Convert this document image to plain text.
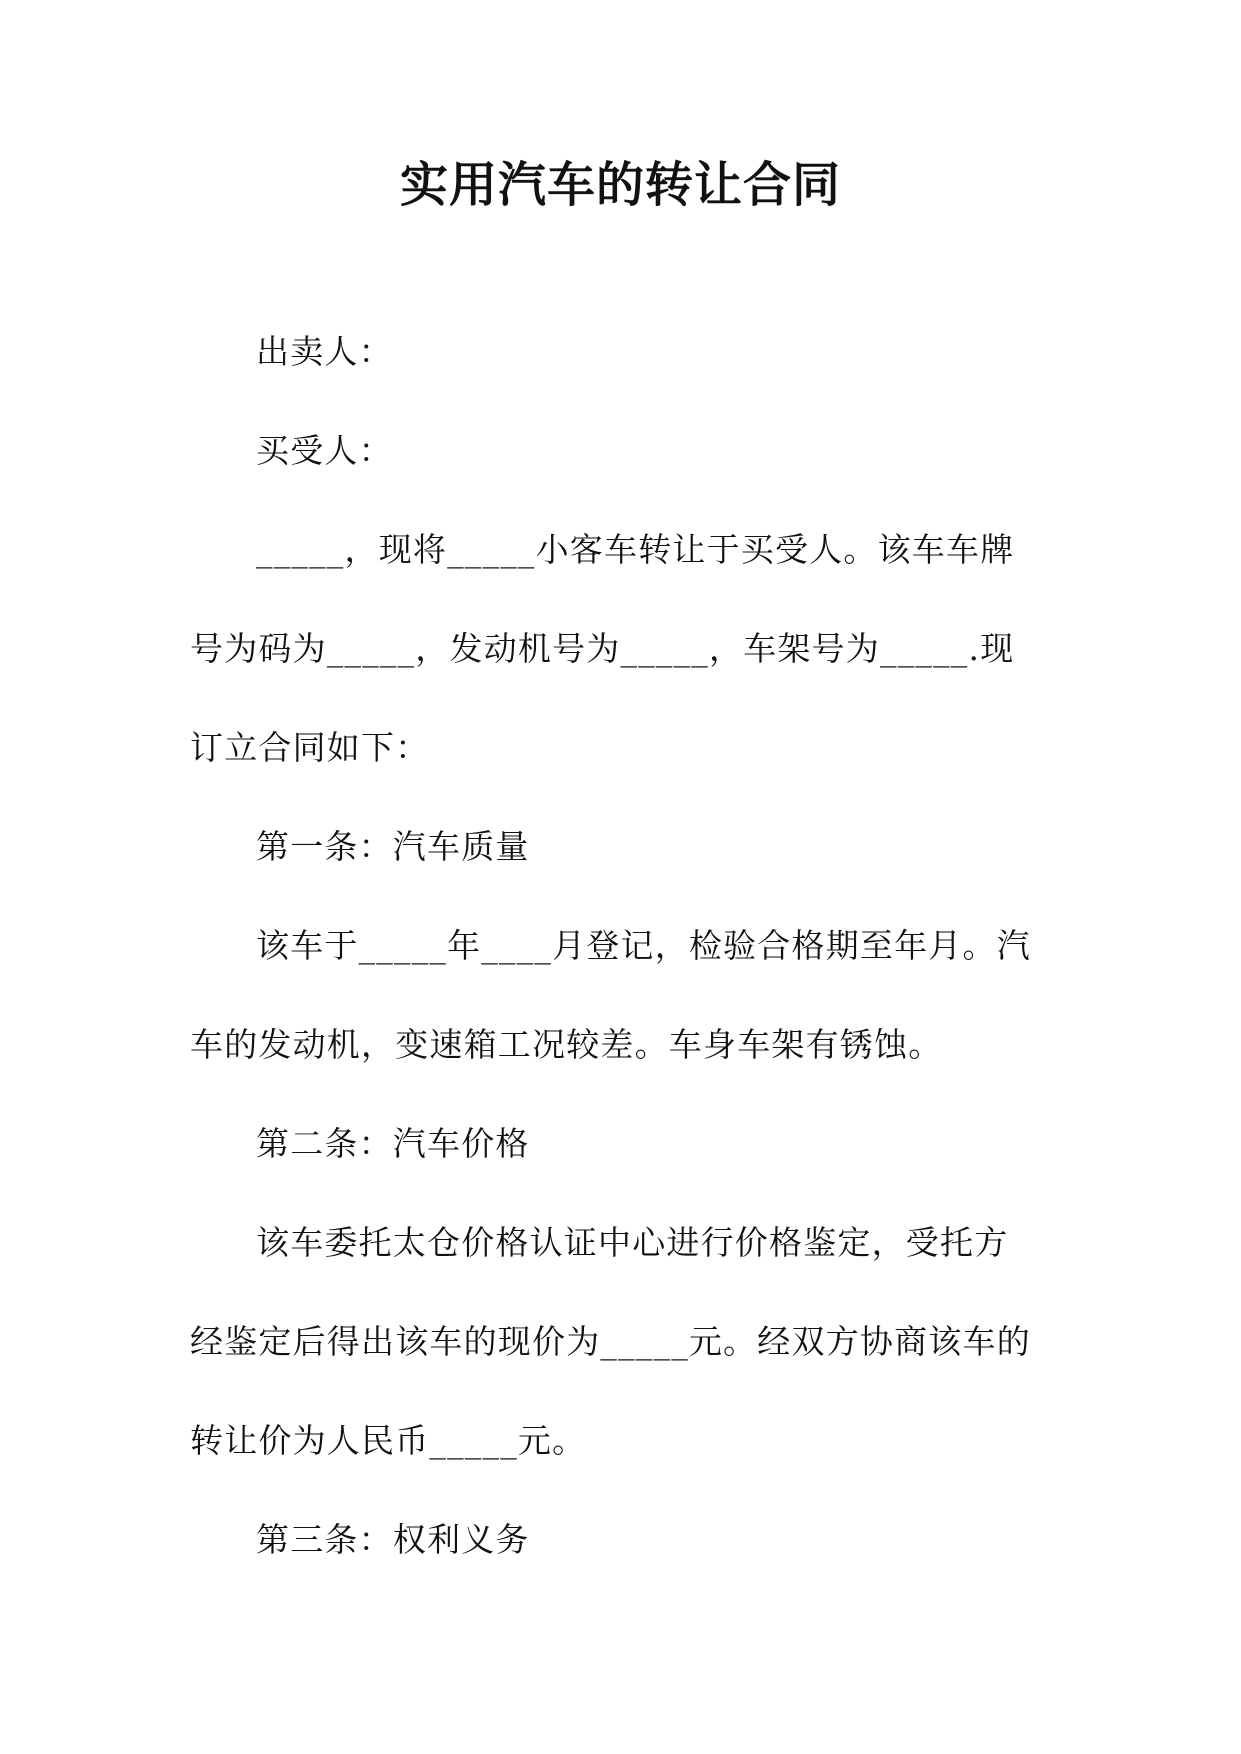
实用汽车的转让合同

出卖人：

买受人：

_____，现将_____小客车转让于买受人。该车车牌号为码为_____，发动机号为_____，车架号为_____.现订立合同如下：

第一条：汽车质量

该车于_____年____月登记，检验合格期至年月。汽车的发动机，变速箱工况较差。车身车架有锈蚀。

第二条：汽车价格

该车委托太仓价格认证中心进行价格鉴定，受托方经鉴定后得出该车的现价为_____元。经双方协商该车的转让价为人民币_____元。

第三条：权利义务
